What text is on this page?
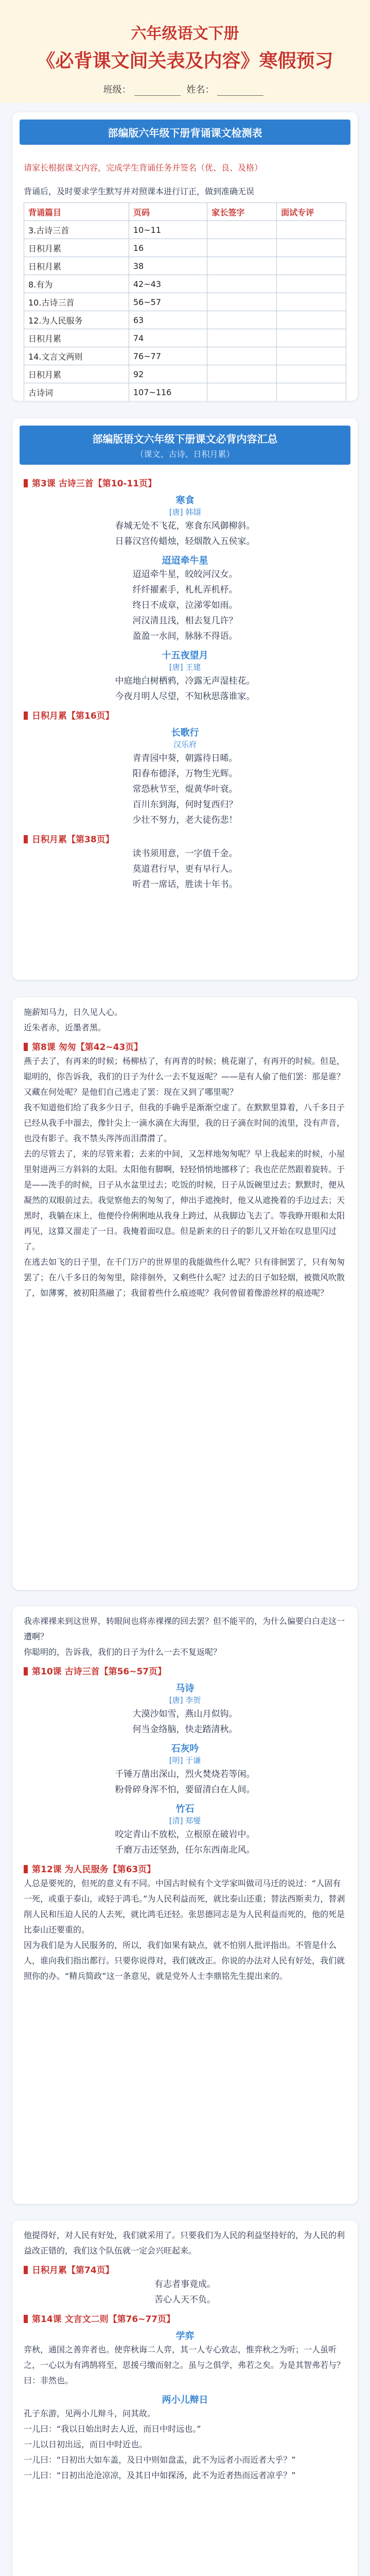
六年级语文下册
《必背课文间关表及内容》寒假预习
班级：	姓名：
部编版六年级下册背诵课文检测表

请家长根据课文内容，完成学生背诵任务并签名（优、良、及格）

背诵后，及时要求学生默写并对照课本进行订正，做到准确无误

背诵篇目	页码	家长签字	面试专评
3.古诗三首	10~11		
日积月累	16		
日积月累	38		
8.有为	42~43		
10.古诗三首	56~57		
12.为人民服务	63		
日积月累	74		
14.文言文两则	76~77		
日积月累	92		
古诗词	107~116		
部编版语文六年级下册课文必背内容汇总
（课文、古诗、日积月累）
第3课 古诗三首【第10-11页】
寒食
[唐] 韩翃
春城无处不飞花，寒食东风御柳斜。
日暮汉宫传蜡烛，轻烟散入五侯家。
迢迢牵牛星
迢迢牵牛星，皎皎河汉女。
纤纤擢素手，札札弄机杼。
终日不成章，泣涕零如雨。
河汉清且浅，相去复几许？
盈盈一水间，脉脉不得语。
十五夜望月
[唐] 王建
中庭地白树栖鸦，冷露无声湿桂花。
今夜月明人尽望，不知秋思落谁家。
日积月累【第16页】
长歌行
汉乐府
青青园中葵，朝露待日晞。
阳春布德泽，万物生光辉。
常恐秋节至，焜黄华叶衰。
百川东到海，何时复西归？
少壮不努力，老大徒伤悲！
日积月累【第38页】
读书须用意，一字值千金。
莫道君行早，更有早行人。
听君一席话，胜读十年书。

施薪知马力，日久见人心。

近朱者赤，近墨者黑。

第8课 匆匆【第42~43页】

燕子去了，有再来的时候；杨柳枯了，有再青的时候；桃花谢了，有再开的时候。但是，聪明的，你告诉我，我们的日子为什么一去不复返呢？——是有人偷了他们罢：那是谁？又藏在何处呢？是他们自己逃走了罢：现在又到了哪里呢？

我不知道他们给了我多少日子，但我的手确乎是渐渐空虚了。在默默里算着，八千多日子已经从我手中溜去，像针尖上一滴水滴在大海里，我的日子滴在时间的流里，没有声音，也没有影子。我不禁头涔涔而泪潸潸了。

去的尽管去了，来的尽管来着；去来的中间，又怎样地匆匆呢？早上我起来的时候，小屋里射进两三方斜斜的太阳。太阳他有脚啊，轻轻悄悄地挪移了；我也茫茫然跟着旋转。于是——洗手的时候，日子从水盆里过去；吃饭的时候，日子从饭碗里过去；默默时，便从凝然的双眼前过去。我觉察他去的匆匆了，伸出手遮挽时，他又从遮挽着的手边过去；天黑时，我躺在床上，他便伶伶俐俐地从我身上跨过，从我脚边飞去了。等我睁开眼和太阳再见，这算又溜走了一日。我掩着面叹息。但是新来的日子的影儿又开始在叹息里闪过了。

在逃去如飞的日子里，在千门万户的世界里的我能做些什么呢？只有徘徊罢了，只有匆匆罢了；在八千多日的匆匆里，除徘徊外，又剩些什么呢？过去的日子如轻烟，被微风吹散了，如薄雾，被初阳蒸融了；我留着些什么痕迹呢？我何曾留着像游丝样的痕迹呢？

我赤裸裸来到这世界，转眼间也将赤裸裸的回去罢？但不能平的，为什么偏要白白走这一遭啊？

你聪明的，告诉我，我们的日子为什么一去不复返呢？

第10课 古诗三首【第56~57页】
马诗
[唐] 李贺
大漠沙如雪，燕山月似钩。
何当金络脑，快走踏清秋。
石灰吟
[明] 于谦
千锤万凿出深山，烈火焚烧若等闲。
粉骨碎身浑不怕，要留清白在人间。
竹石
[清] 郑燮
咬定青山不放松，立根原在破岩中。
千磨万击还坚劲，任尔东西南北风。
第12课 为人民服务【第63页】

人总是要死的，但死的意义有不同。中国古时候有个文学家叫做司马迁的说过：“人固有一死，或重于泰山，或轻于鸿毛。”为人民利益而死，就比泰山还重；替法西斯卖力，替剥削人民和压迫人民的人去死，就比鸿毛还轻。张思德同志是为人民利益而死的，他的死是比泰山还要重的。

因为我们是为人民服务的，所以，我们如果有缺点，就不怕别人批评指出。不管是什么人，谁向我们指出都行。只要你说得对，我们就改正。你说的办法对人民有好处，我们就照你的办。“精兵简政”这一条意见，就是党外人士李鼎铭先生提出来的。

他提得好，对人民有好处，我们就采用了。只要我们为人民的利益坚持好的，为人民的利益改正错的，我们这个队伍就一定会兴旺起来。

日积月累【第74页】
有志者事竟成。
苦心人天不负。
第14课 文言文二则【第76~77页】
学弈

弈秋，通国之善弈者也。使弈秋诲二人弈，其一人专心致志，惟弈秋之为听；一人虽听之，一心以为有鸿鹄将至，思援弓缴而射之。虽与之俱学，弗若之矣。为是其智弗若与？曰：非然也。

两小儿辩日

孔子东游，见两小儿辩斗，问其故。

一儿曰：“我以日始出时去人近，而日中时远也。”

一儿以日初出远，而日中时近也。

一儿曰：“日初出大如车盖，及日中则如盘盂，此不为远者小而近者大乎？”

一儿曰：“日初出沧沧凉凉，及其日中如探汤，此不为近者热而远者凉乎？”
